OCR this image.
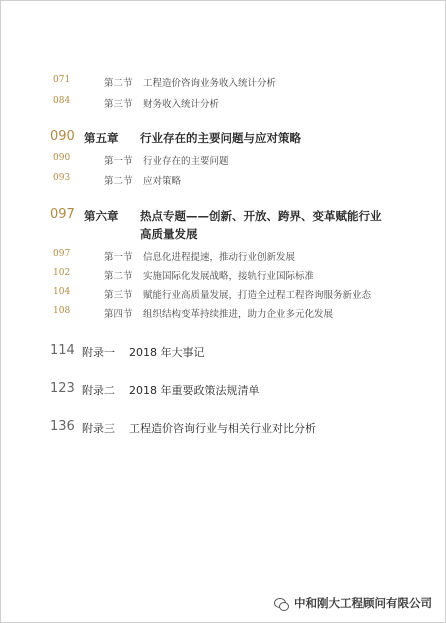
071	第二节 工程造价咨询业务收入统计分析
084	第三节 财务收入统计分析
090 第五章 行业存在的主要问题与应对策略
090	第一节 行业存在的主要问题
093	第二节 应对策略
097 第六章 热点专题——创新、开放、跨界、变革赋能行业
高质量发展
097	第一节 信息化进程提速，推动行业创新发展
102	第二节 实施国际化发展战略，接轨行业国际标准
104	第三节 赋能行业高质量发展，打造全过程工程咨询服务新业态
108	第四节 组织结构变革持续推进，助力企业多元化发展
114 附录一 2018 年大事记
123 附录二 2018 年重要政策法规清单
136 附录三 工程造价咨询行业与相关行业对比分析
中和刚大工程顾问有限公司
